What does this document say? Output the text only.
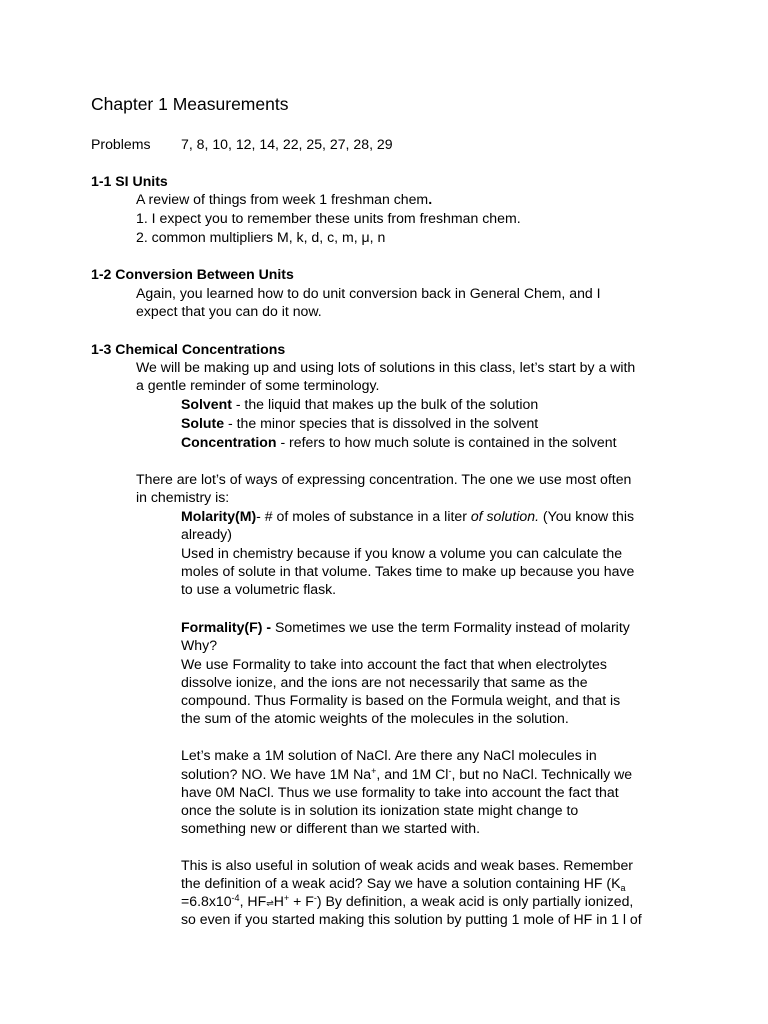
Chapter 1 Measurements
Problems 7, 8, 10, 12, 14, 22, 25, 27, 28, 29
1-1 SI Units
A review of things from week 1 freshman chem.
1. I expect you to remember these units from freshman chem.
2. common multipliers M, k, d, c, m, μ, n
1-2 Conversion Between Units
Again, you learned how to do unit conversion back in General Chem, and I
expect that you can do it now.
1-3 Chemical Concentrations
We will be making up and using lots of solutions in this class, let’s start by a with
a gentle reminder of some terminology.
Solvent - the liquid that makes up the bulk of the solution
Solute - the minor species that is dissolved in the solvent
Concentration - refers to how much solute is contained in the solvent
There are lot’s of ways of expressing concentration. The one we use most often
in chemistry is:
Molarity(M)- # of moles of substance in a liter of solution. (You know this
already)
Used in chemistry because if you know a volume you can calculate the
moles of solute in that volume. Takes time to make up because you have
to use a volumetric flask.
Formality(F) - Sometimes we use the term Formality instead of molarity
Why?
We use Formality to take into account the fact that when electrolytes
dissolve ionize, and the ions are not necessarily that same as the
compound. Thus Formality is based on the Formula weight, and that is
the sum of the atomic weights of the molecules in the solution.
Let’s make a 1M solution of NaCl. Are there any NaCl molecules in
solution? NO. We have 1M Na+, and 1M Cl-, but no NaCl. Technically we
have 0M NaCl. Thus we use formality to take into account the fact that
once the solute is in solution its ionization state might change to
something new or different than we started with.
This is also useful in solution of weak acids and weak bases. Remember
the definition of a weak acid? Say we have a solution containing HF ($K_a$
$=6.8x10^{-4}$, HF⇌H+ + F-) By definition, a weak acid is only partially ionized,
so even if you started making this solution by putting 1 mole of HF in 1 l of
